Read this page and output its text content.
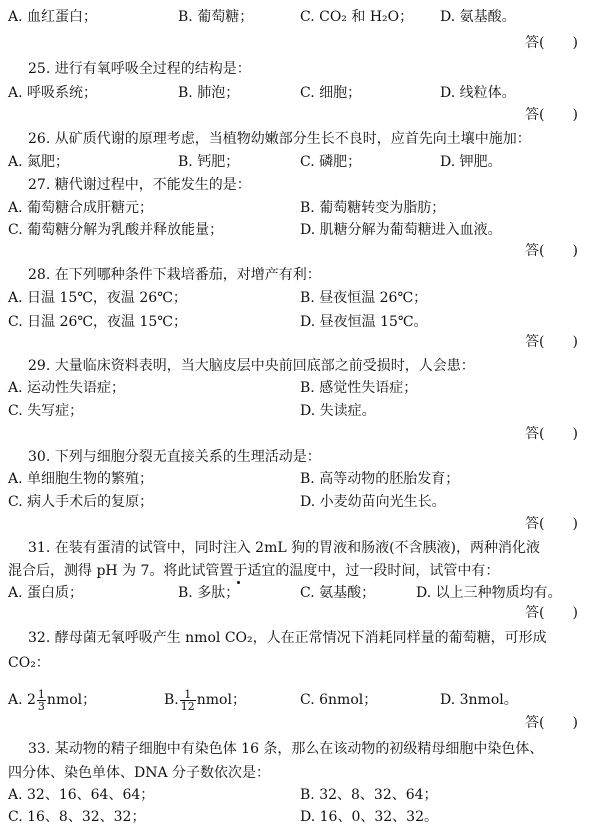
A. 血红蛋白；	B. 葡萄糖；	C. CO₂ 和 H₂O； D. 氨基酸。
答(　　)
25. 进行有氧呼吸全过程的结构是：
A. 呼吸系统；	B. 肺泡；	C. 细胞；	D. 线粒体。
答(　　)
26. 从矿质代谢的原理考虑，当植物幼嫩部分生长不良时，应首先向土壤中施加：
A. 氮肥；	B. 钙肥；	C. 磷肥；	D. 钾肥。
27. 糖代谢过程中，不能发生的是：
A. 葡萄糖合成肝糖元；	B. 葡萄糖转变为脂肪；
C. 葡萄糖分解为乳酸并释放能量；	D. 肌糖分解为葡萄糖进入血液。
答(　　)
28. 在下列哪种条件下栽培番茄，对增产有利：
A. 日温 15℃，夜温 26℃；	B. 昼夜恒温 26℃；
C. 日温 26℃，夜温 15℃；	D. 昼夜恒温 15℃。
答(　　)
29. 大量临床资料表明，当大脑皮层中央前回底部之前受损时，人会患：
A. 运动性失语症；	B. 感觉性失语症；
C. 失写症；	D. 失读症。
答(　　)
30. 下列与细胞分裂无直接关系的生理活动是：
A. 单细胞生物的繁殖；	B. 高等动物的胚胎发育；
C. 病人手术后的复原；	D. 小麦幼苗向光生长。
答(　　)
31. 在装有蛋清的试管中，同时注入 2mL 狗的胃液和肠液(不含胰液)，两种消化液
混合后，测得 pH 为 7。将此试管置于适宜的温度中，过一段时间，试管中有：
A. 蛋白质；	B. 多肽；	C. 氨基酸；	D. 以上三种物质均有。
答(　　)
32. 酵母菌无氧呼吸产生 nmol CO₂，人在正常情况下消耗同样量的葡萄糖，可形成
CO₂：
A. $2 \frac{1}{3}$ nmol；	B. $\frac{1}{12}$ nmol；	C. 6nmol；	D. 3nmol。
答(　　)
33. 某动物的精子细胞中有染色体 16 条，那么在该动物的初级精母细胞中染色体、
四分体、染色单体、DNA 分子数依次是：
A. 32、16、64、64；	B. 32、8、32、64；
C. 16、8、32、32；	D. 16、0、32、32。
